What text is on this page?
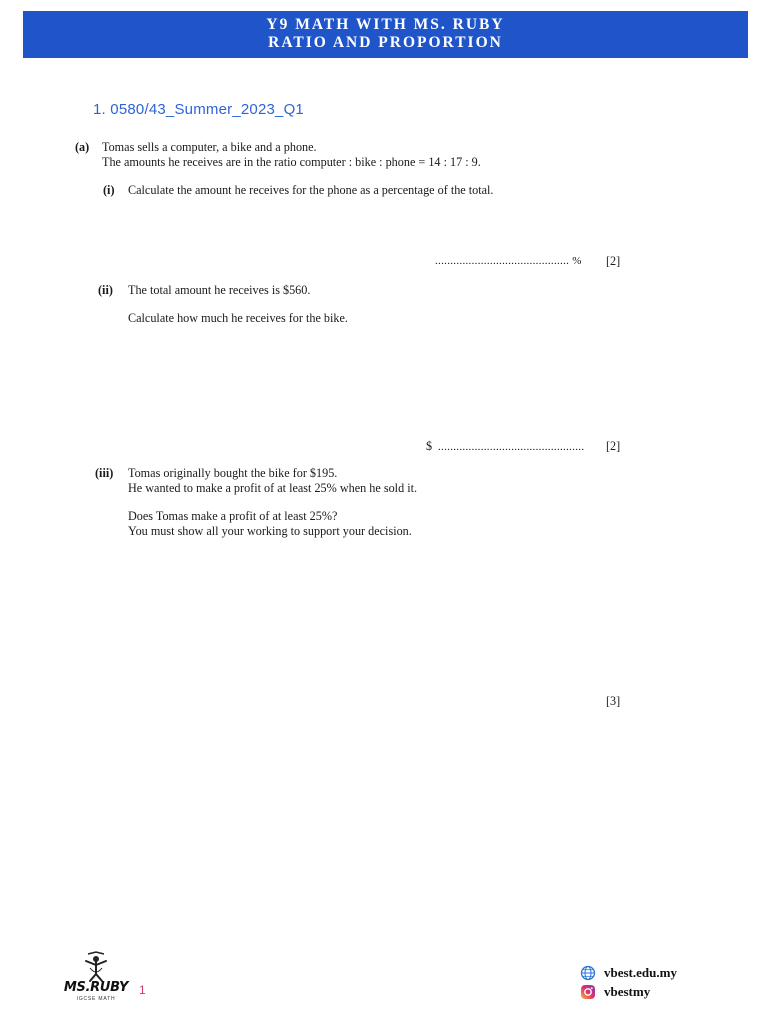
Y9 MATH WITH MS. RUBY
RATIO AND PROPORTION
1. 0580/43_Summer_2023_Q1
(a) Tomas sells a computer, a bike and a phone.
The amounts he receives are in the ratio computer : bike : phone = 14 : 17 : 9.
(i) Calculate the amount he receives for the phone as a percentage of the total.
............................................ % [2]
(ii) The total amount he receives is $560.
Calculate how much he receives for the bike.
$ ................................................ [2]
(iii) Tomas originally bought the bike for $195.
He wanted to make a profit of at least 25% when he sold it.
Does Tomas make a profit of at least 25%?
You must show all your working to support your decision.
[3]
MS.RUBY
IGCSE MATH
1
vbest.edu.my
vbestmy
